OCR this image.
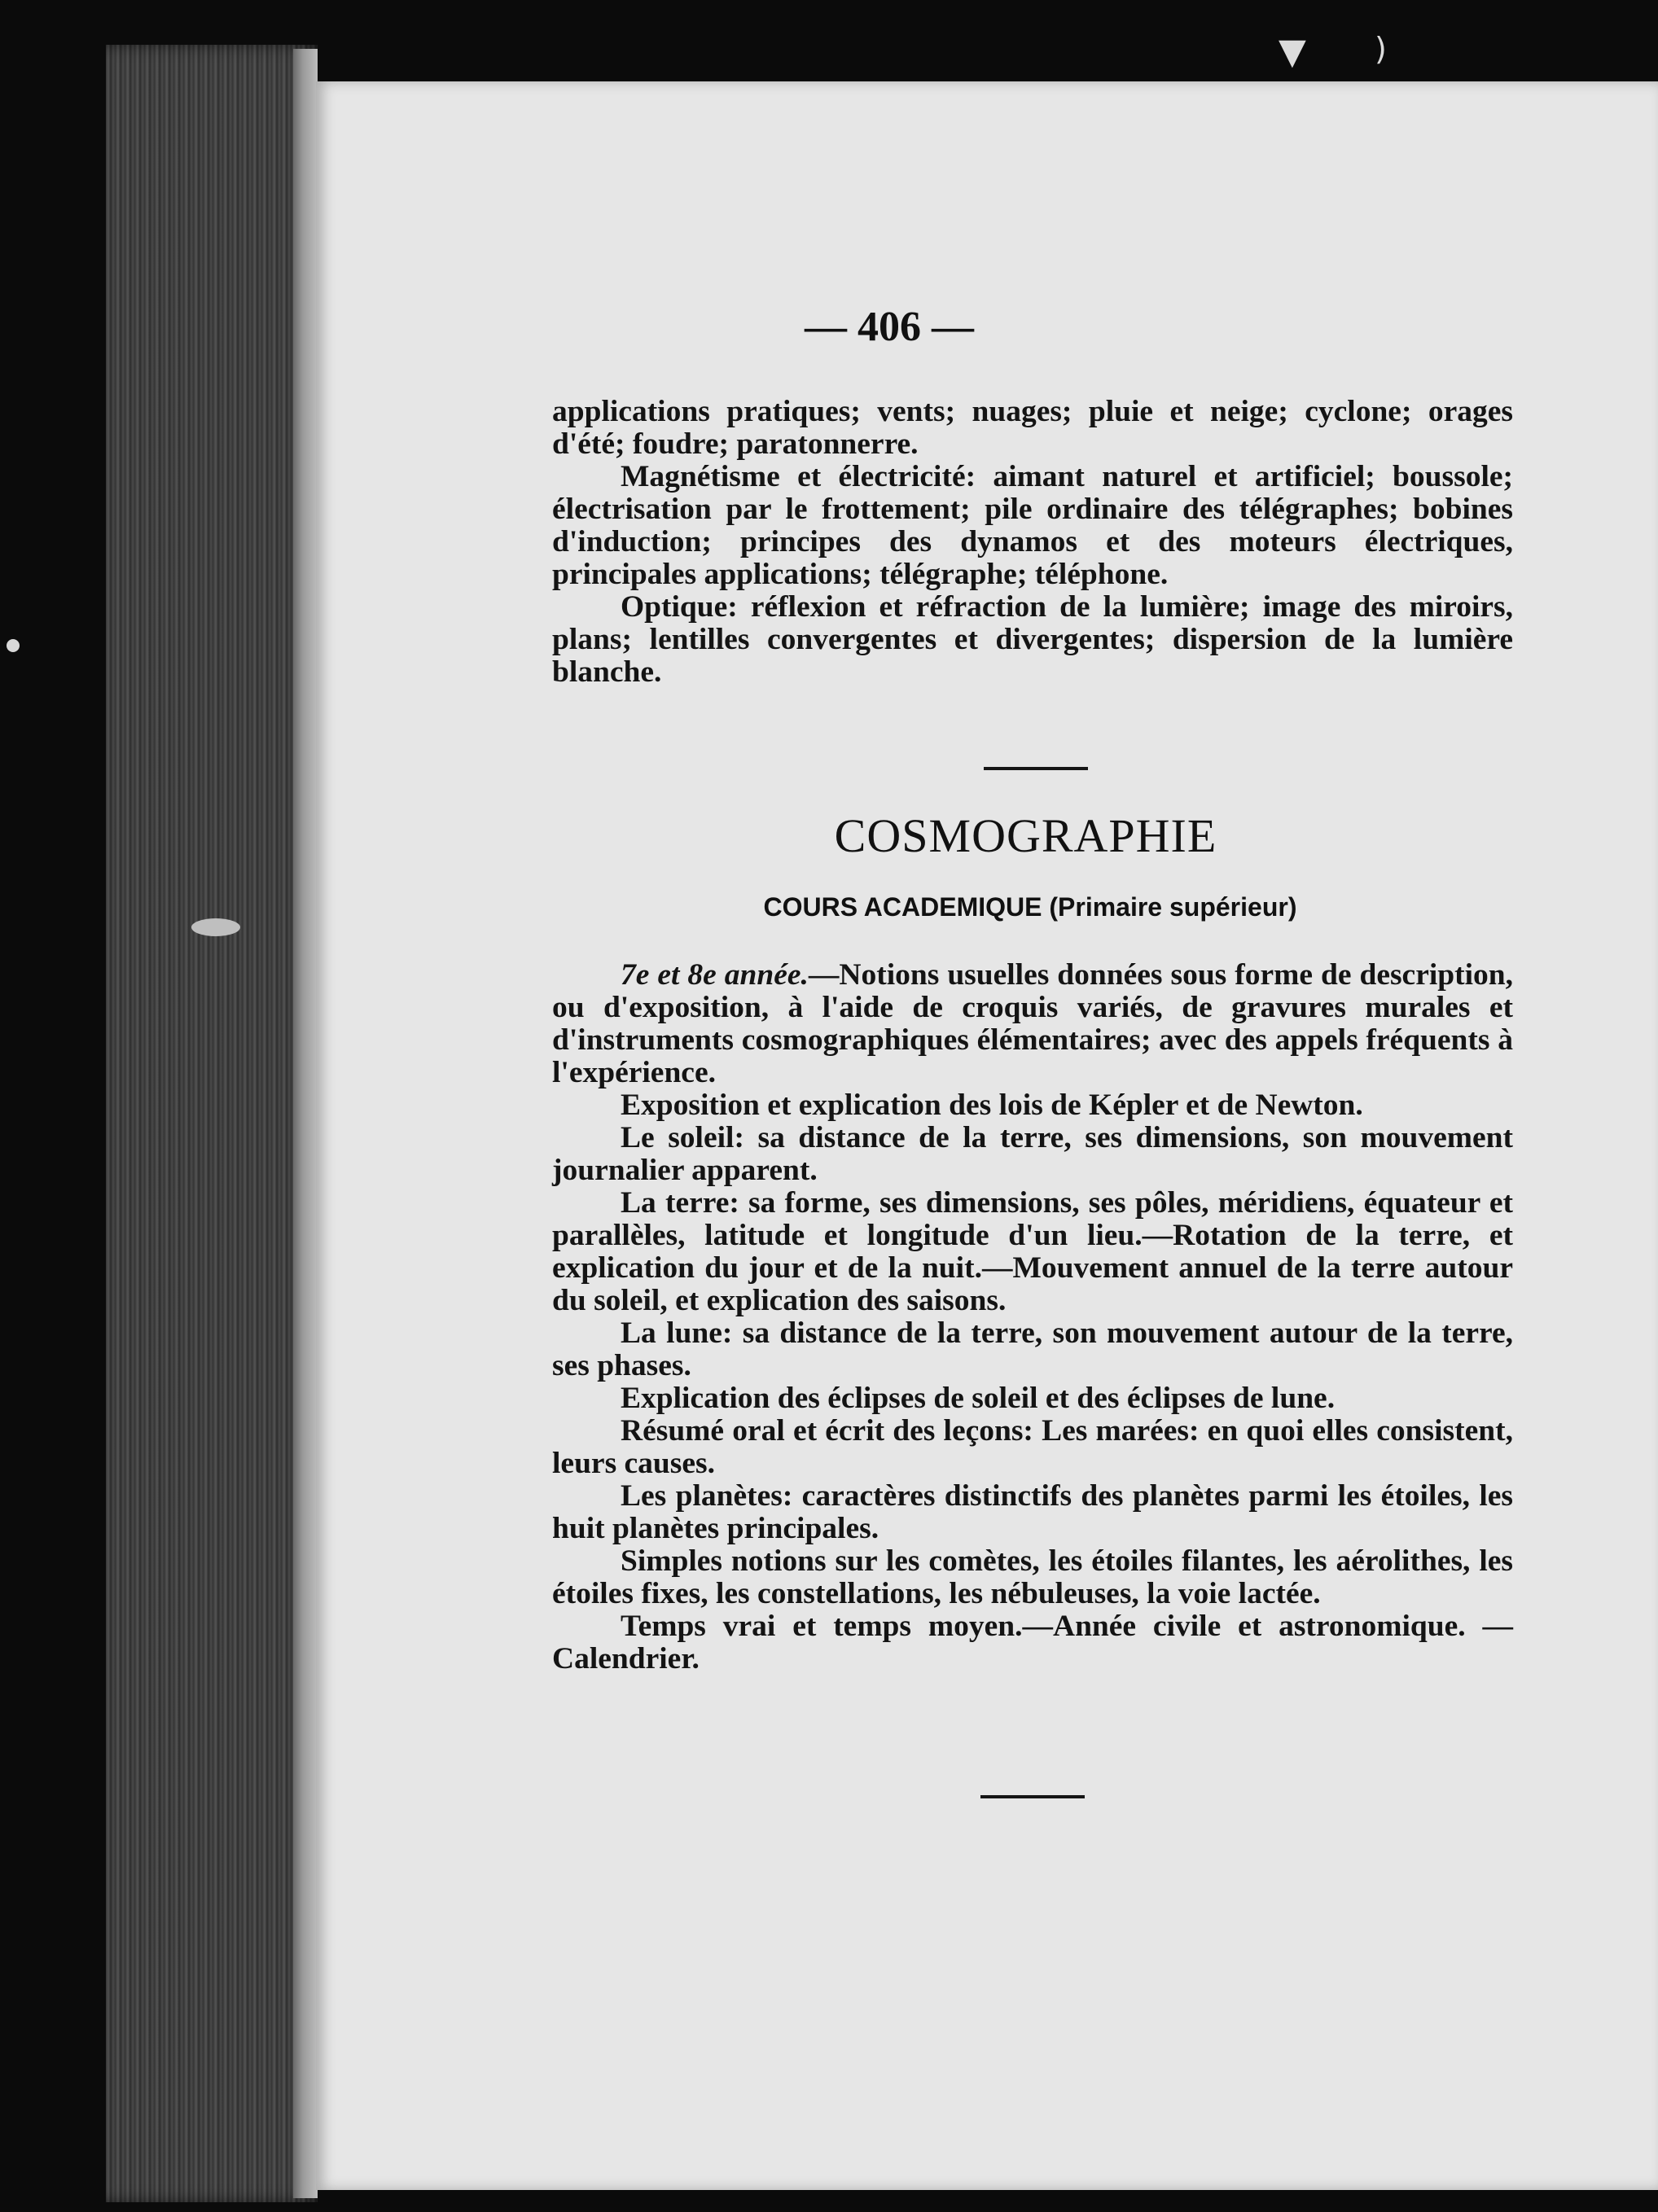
▼ )
— 406 —

applications pratiques; vents; nuages; pluie et neige; cyclone; orages d'été; foudre; paratonnerre.

Magnétisme et électricité: aimant naturel et artificiel; boussole; électrisation par le frottement; pile ordinaire des télégraphes; bobines d'induction; principes des dynamos et des moteurs électriques, principales applications; télégraphe; téléphone.

Optique: réflexion et réfraction de la lumière; image des miroirs, plans; lentilles convergentes et divergentes; dispersion de la lumière blanche.

COSMOGRAPHIE
COURS ACADEMIQUE (Primaire supérieur)

7e et 8e année.—Notions usuelles données sous forme de description, ou d'exposition, à l'aide de croquis variés, de gravures murales et d'instruments cosmographiques élémentaires; avec des appels fréquents à l'expérience.

Exposition et explication des lois de Képler et de Newton.

Le soleil: sa distance de la terre, ses dimensions, son mouvement journalier apparent.

La terre: sa forme, ses dimensions, ses pôles, méridiens, équateur et parallèles, latitude et longitude d'un lieu.—Rotation de la terre, et explication du jour et de la nuit.—Mouvement annuel de la terre autour du soleil, et explication des saisons.

La lune: sa distance de la terre, son mouvement autour de la terre, ses phases.

Explication des éclipses de soleil et des éclipses de lune.

Résumé oral et écrit des leçons: Les marées: en quoi elles consistent, leurs causes.

Les planètes: caractères distinctifs des planètes parmi les étoiles, les huit planètes principales.

Simples notions sur les comètes, les étoiles filantes, les aérolithes, les étoiles fixes, les constellations, les nébuleuses, la voie lactée.

Temps vrai et temps moyen.—Année civile et astronomique. —Calendrier.
